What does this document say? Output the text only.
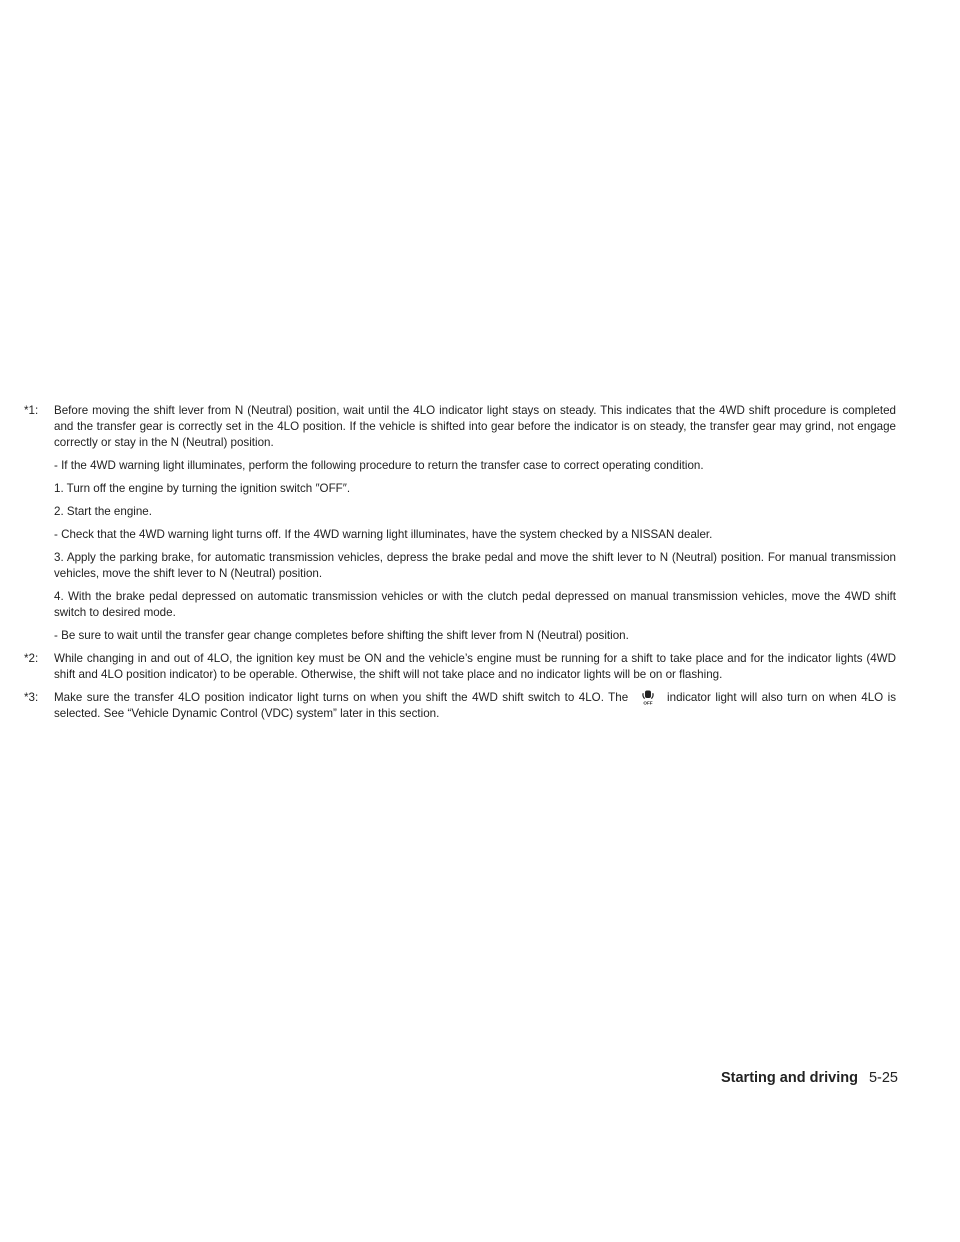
*1: Before moving the shift lever from N (Neutral) position, wait until the 4LO indicator light stays on steady. This indicates that the 4WD shift procedure is completed and the transfer gear is correctly set in the 4LO position. If the vehicle is shifted into gear before the indicator is on steady, the transfer gear may grind, not engage correctly or stay in the N (Neutral) position.

- If the 4WD warning light illuminates, perform the following procedure to return the transfer case to correct operating condition.

1. Turn off the engine by turning the ignition switch ″OFF″.

2. Start the engine.

- Check that the 4WD warning light turns off. If the 4WD warning light illuminates, have the system checked by a NISSAN dealer.

3. Apply the parking brake, for automatic transmission vehicles, depress the brake pedal and move the shift lever to N (Neutral) position. For manual transmission vehicles, move the shift lever to N (Neutral) position.

4. With the brake pedal depressed on automatic transmission vehicles or with the clutch pedal depressed on manual transmission vehicles, move the 4WD shift switch to desired mode.

- Be sure to wait until the transfer gear change completes before shifting the shift lever from N (Neutral) position.

*2: While changing in and out of 4LO, the ignition key must be ON and the vehicle’s engine must be running for a shift to take place and for the indicator lights (4WD shift and 4LO position indicator) to be operable. Otherwise, the shift will not take place and no indicator lights will be on or flashing.

*3: Make sure the transfer 4LO position indicator light turns on when you shift the 4WD shift switch to 4LO. The OFF indicator light will also turn on when 4LO is selected. See “Vehicle Dynamic Control (VDC) system” later in this section.

Starting and driving 5-25
